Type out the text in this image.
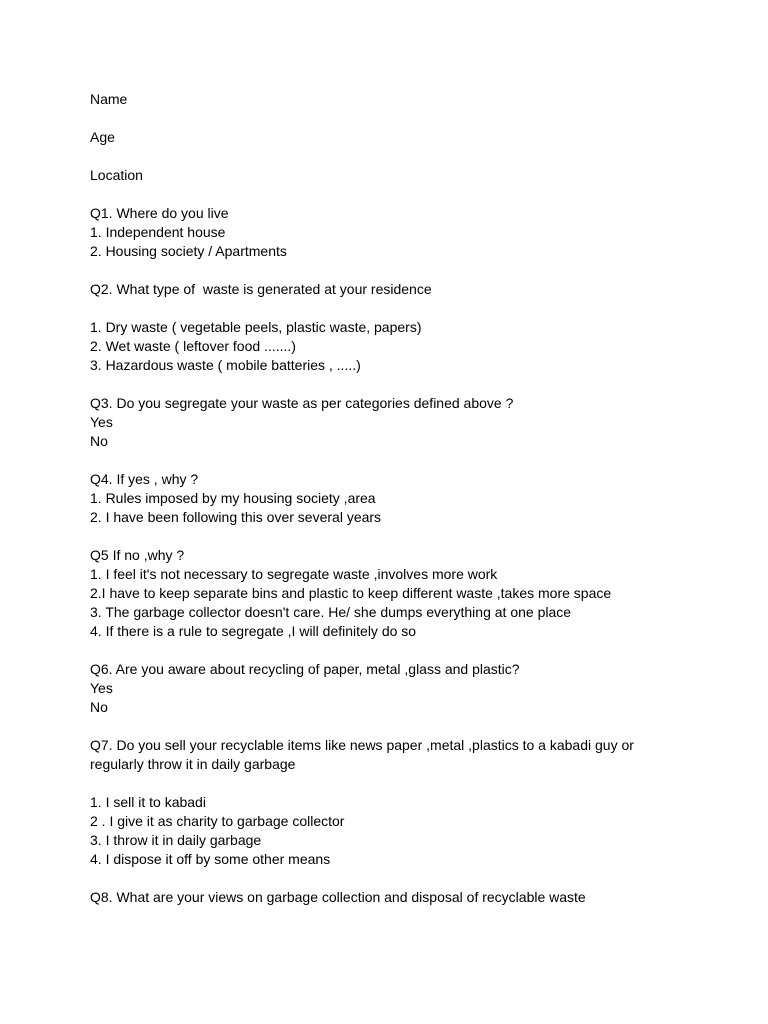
Name
Age
Location
Q1. Where do you live
1. Independent house
2. Housing society / Apartments
Q2. What type of  waste is generated at your residence
1. Dry waste ( vegetable peels, plastic waste, papers)
2. Wet waste ( leftover food .......)
3. Hazardous waste ( mobile batteries , .....)
Q3. Do you segregate your waste as per categories defined above ?
Yes
No
Q4. If yes , why ?
1. Rules imposed by my housing society ,area
2. I have been following this over several years
Q5 If no ,why ?
1. I feel it's not necessary to segregate waste ,involves more work
2.I have to keep separate bins and plastic to keep different waste ,takes more space
3. The garbage collector doesn't care. He/ she dumps everything at one place
4. If there is a rule to segregate ,I will definitely do so
Q6. Are you aware about recycling of paper, metal ,glass and plastic?
Yes
No
Q7. Do you sell your recyclable items like news paper ,metal ,plastics to a kabadi guy or
regularly throw it in daily garbage
1. I sell it to kabadi
2 . I give it as charity to garbage collector
3. I throw it in daily garbage
4. I dispose it off by some other means
Q8. What are your views on garbage collection and disposal of recyclable waste
